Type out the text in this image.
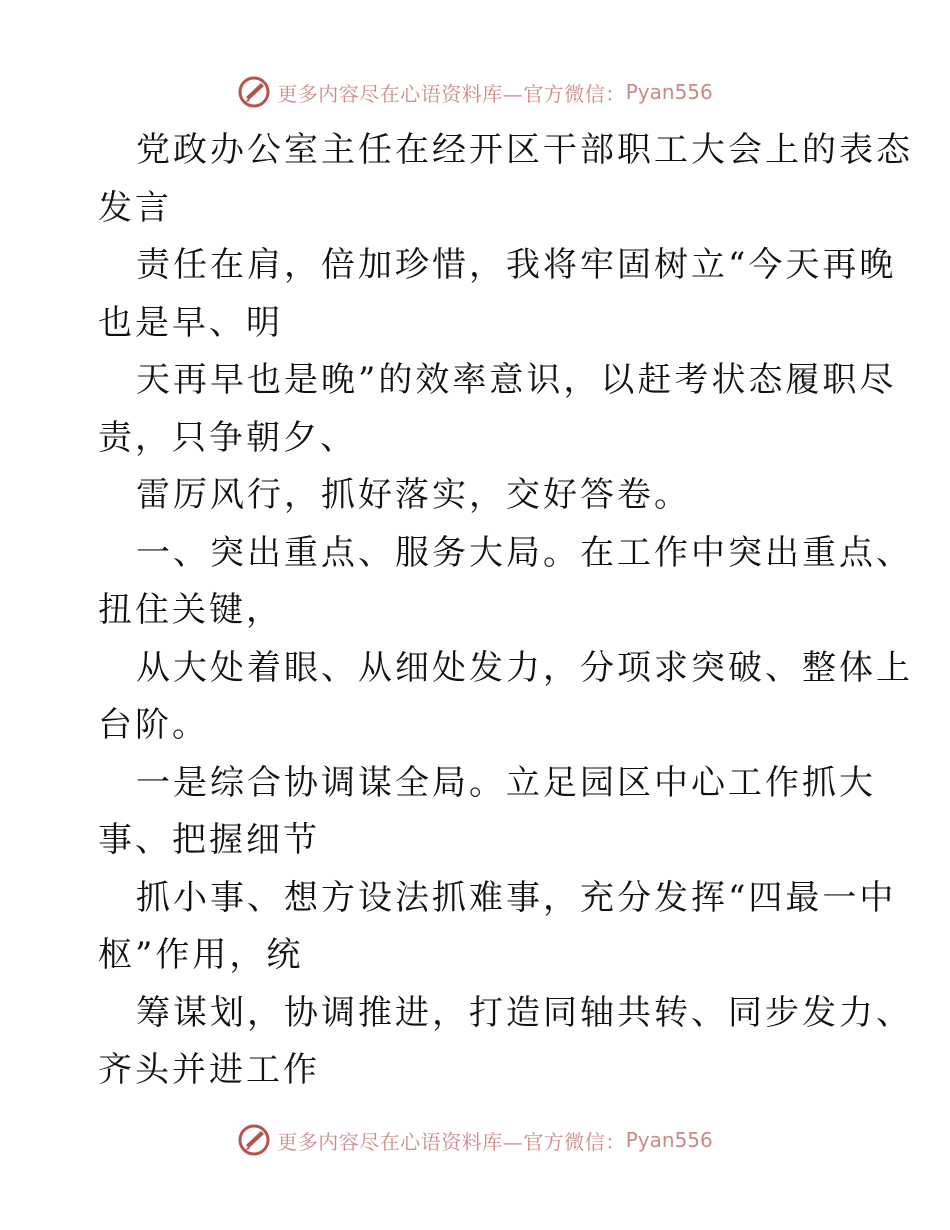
更多内容尽在心语资料库—官方微信： Pyan556
党政办公室主任在经开区干部职工大会上的表态
发言
责任在肩，倍加珍惜，我将牢固树立“今天再晚
也是早、明
天再早也是晚”的效率意识，以赶考状态履职尽
责，只争朝夕、
雷厉风行，抓好落实，交好答卷。
一、突出重点、服务大局。在工作中突出重点、
扭住关键，
从大处着眼、从细处发力，分项求突破、整体上
台阶。
一是综合协调谋全局。立足园区中心工作抓大
事、把握细节
抓小事、想方设法抓难事，充分发挥“四最一中
枢”作用，统
筹谋划，协调推进，打造同轴共转、同步发力、
齐头并进工作
更多内容尽在心语资料库—官方微信： Pyan556
